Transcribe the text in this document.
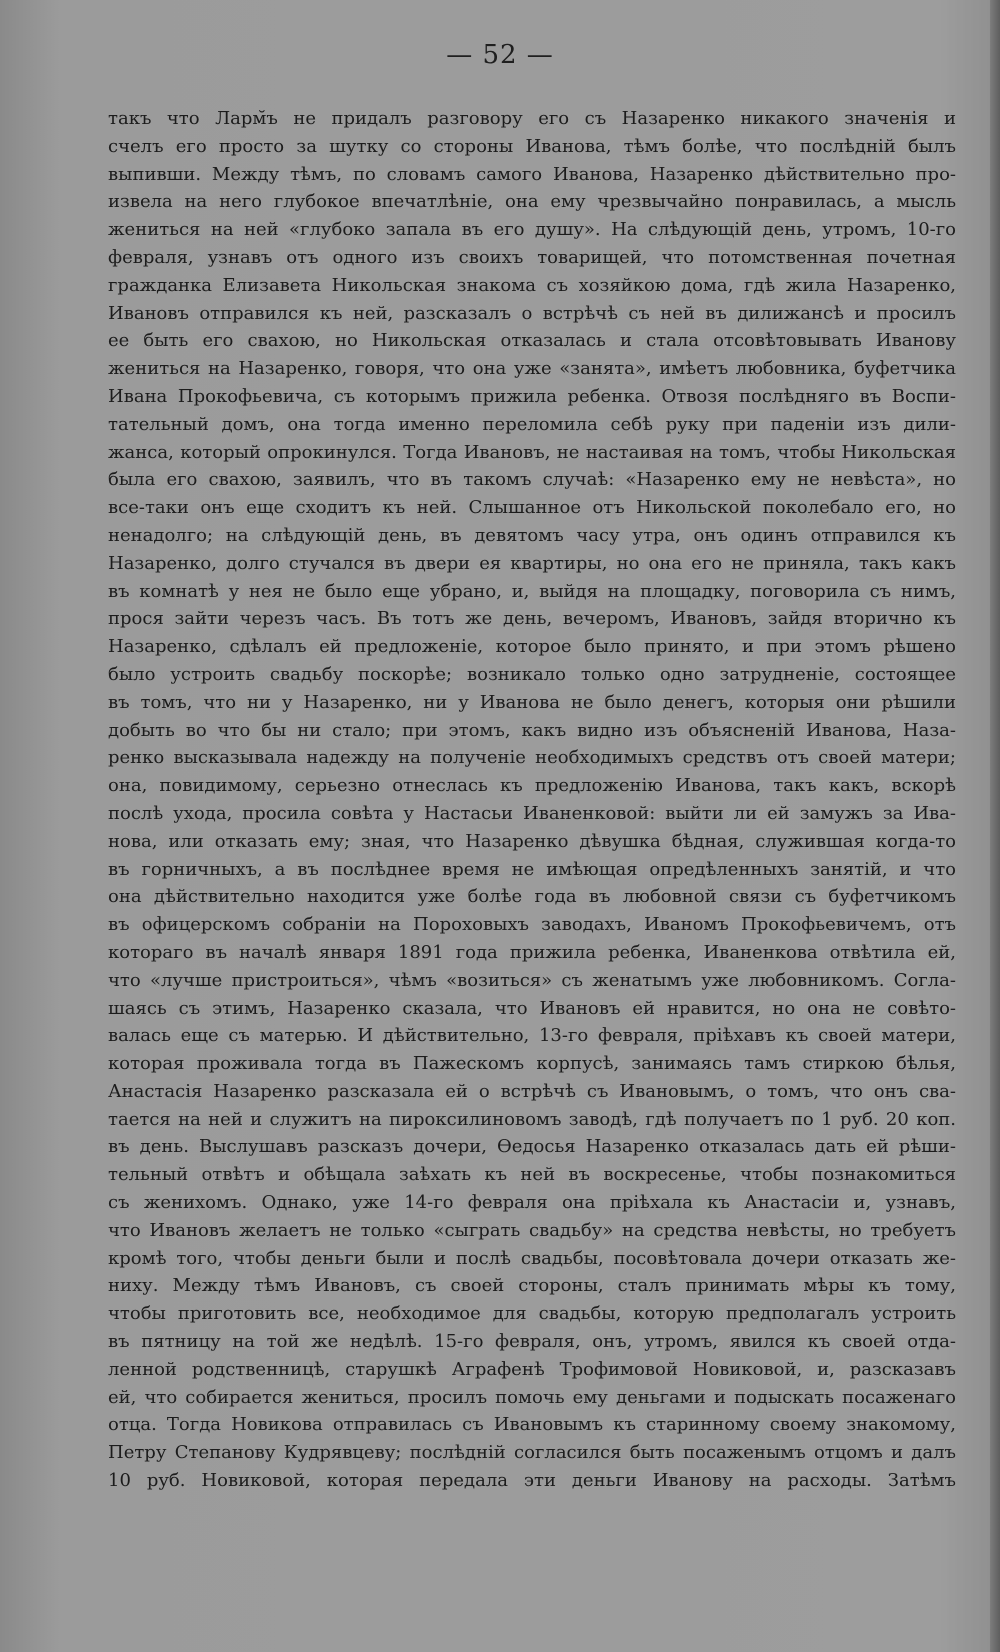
— 52 —
такъ что Ларм̆ъ не придалъ разговору его съ Назаренко никакого значенія и
счелъ его просто за шутку со стороны Иванова, тѣмъ болѣе, что послѣдній былъ
выпивши. Между тѣмъ, по словамъ самого Иванова, Назаренко дѣйствительно про-
извела на него глубокое впечатлѣніе, она ему чрезвычайно понравилась, а мысль
жениться на ней «глубоко запала въ его душу». На слѣдующій день, утромъ, 10-го
февраля, узнавъ отъ одного изъ своихъ товарищей, что потомственная почетная
гражданка Елизавета Никольская знакома съ хозяйкою дома, гдѣ жила Назаренко,
Ивановъ отправился къ ней, разсказалъ о встрѣчѣ съ ней въ дилижансѣ и просилъ
ее быть его свахою, но Никольская отказалась и стала отсовѣтовывать Иванову
жениться на Назаренко, говоря, что она уже «занята», имѣетъ любовника, буфетчика
Ивана Прокофьевича, съ которымъ прижила ребенка. Отвозя послѣдняго въ Воспи-
тательный домъ, она тогда именно переломила себѣ руку при паденіи изъ дили-
жанса, который опрокинулся. Тогда Ивановъ, не настаивая на томъ, чтобы Никольская
была его свахою, заявилъ, что въ такомъ случаѣ: «Назаренко ему не невѣста», но
все-таки онъ еще сходитъ къ ней. Слышанное отъ Никольской поколебало его, но
ненадолго; на слѣдующій день, въ девятомъ часу утра, онъ одинъ отправился къ
Назаренко, долго стучался въ двери ея квартиры, но она его не приняла, такъ какъ
въ комнатѣ у нея не было еще убрано, и, выйдя на площадку, поговорила съ нимъ,
прося зайти черезъ часъ. Въ тотъ же день, вечеромъ, Ивановъ, зайдя вторично къ
Назаренко, сдѣлалъ ей предложеніе, которое было принято, и при этомъ рѣшено
было устроить свадьбу поскорѣе; возникало только одно затрудненіе, состоящее
въ томъ, что ни у Назаренко, ни у Иванова не было денегъ, которыя они рѣшили
добыть во что бы ни стало; при этомъ, какъ видно изъ объясненій Иванова, Наза-
ренко высказывала надежду на полученіе необходимыхъ средствъ отъ своей матери;
она, повидимому, серьезно отнеслась къ предложенію Иванова, такъ какъ, вскорѣ
послѣ ухода, просила совѣта у Настасьи Иваненковой: выйти ли ей замужъ за Ива-
нова, или отказать ему; зная, что Назаренко дѣвушка бѣдная, служившая когда-то
въ горничныхъ, а въ послѣднее время не имѣющая опредѣленныхъ занятій, и что
она дѣйствительно находится уже болѣе года въ любовной связи съ буфетчикомъ
въ офицерскомъ собраніи на Пороховыхъ заводахъ, Иваномъ Прокофьевичемъ, отъ
котораго въ началѣ января 1891 года прижила ребенка, Иваненкова отвѣтила ей,
что «лучше пристроиться», чѣмъ «возиться» съ женатымъ уже любовникомъ. Согла-
шаясь съ этимъ, Назаренко сказала, что Ивановъ ей нравится, но она не совѣто-
валась еще съ матерью. И дѣйствительно, 13-го февраля, пріѣхавъ къ своей матери,
которая проживала тогда въ Пажескомъ корпусѣ, занимаясь тамъ стиркою бѣлья,
Анастасія Назаренко разсказала ей о встрѣчѣ съ Ивановымъ, о томъ, что онъ сва-
тается на ней и служитъ на пироксилиновомъ заводѣ, гдѣ получаетъ по 1 руб. 20 коп.
въ день. Выслушавъ разсказъ дочери, Ѳедосья Назаренко отказалась дать ей рѣши-
тельный отвѣтъ и обѣщала заѣхать къ ней въ воскресенье, чтобы познакомиться
съ женихомъ. Однако, уже 14-го февраля она пріѣхала къ Анастасіи и, узнавъ,
что Ивановъ желаетъ не только «сыграть свадьбу» на средства невѣсты, но требуетъ
кромѣ того, чтобы деньги были и послѣ свадьбы, посовѣтовала дочери отказать же-
ниху. Между тѣмъ Ивановъ, съ своей стороны, сталъ принимать мѣры къ тому,
чтобы приготовить все, необходимое для свадьбы, которую предполагалъ устроить
въ пятницу на той же недѣлѣ. 15-го февраля, онъ, утромъ, явился къ своей отда-
ленной родственницѣ, старушкѣ Аграфенѣ Трофимовой Новиковой, и, разсказавъ
ей, что собирается жениться, просилъ помочь ему деньгами и подыскать посаженаго
отца. Тогда Новикова отправилась съ Ивановымъ къ старинному своему знакомому,
Петру Степанову Кудрявцеву; послѣдній согласился быть посаженымъ отцомъ и далъ
10 руб. Новиковой, которая передала эти деньги Иванову на расходы. Затѣмъ
